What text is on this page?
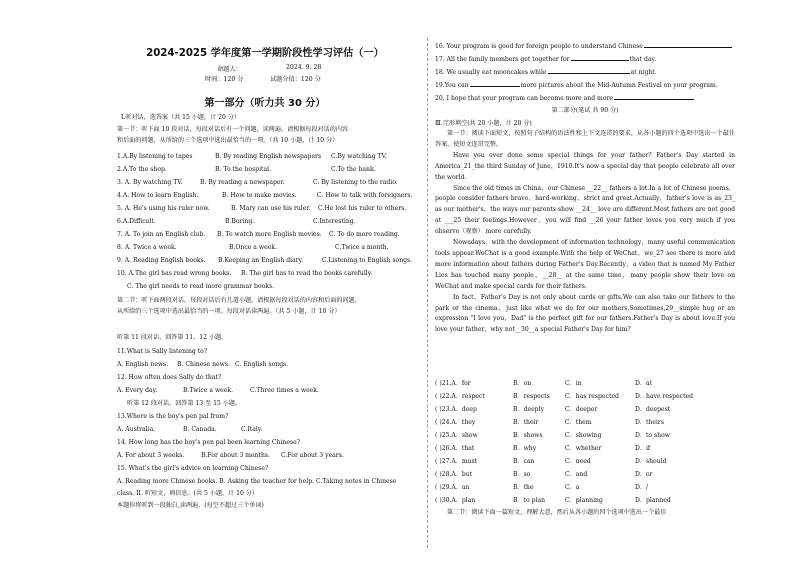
2024-2025 学年度第一学期阶段性学习评估（一）
命题人：	2024. 9. 28
时间：120 分	试题分值：120 分
第一部分（听力共 30 分）
Ⅰ.听对话，选答案（共 15 小题，计 20 分）
第一节：听下面 10 段对话，每段对话后有一个问题，读两遍。请根据每段对话的内容
和后面的问题，从所给的三个选项中选出最恰当的一项。（共 10 小题，计 10 分）
1.A.By listening to tapes	B. By reading English newspapers C.By watching TV.
2.A.To the shop.	B. To the hospital.	C.To the bank.
3. A. By watching TV.	B. By reading a newspaper.	C. By listening to the radio.
4.A. How to learn English.	B. How to make movies.	C. How to talk with foreigners.
5. A. He's using his ruler now.	B. Mary can use his ruler. C.He lost his ruler to others.
6.A.Difficult.	B.Boring.	C.Interesting.
7. A. To join an English club. B. To watch more English movies. C. To do more reading.
8. A. Twice a week.	B.Once a week.	C.Twice a month.
9. A. Reading English books. B.Keeping an English diary.	C.Listening to English songs.
10. A.The girl has read wrong books. B. The girl has to read the books carefully.
C. The girl needs to read more grammar books.
第二节：听下面两段对话，每段对话后有几道小题，请根据每段对话的内容和后面的问题，
从所给的三个选项中选出最恰当的一项。每段对话读两遍。（共 5 小题，计 10 分）
听第 11 段对话，回答第 11、12 小题。
11.What is Sally listening to?
A. English news. B. Chinese news. C. English songs.
12. How often does Sally do that?
A. Every day.	B.Twice a week.	C.Three times a week.
听第 12 段对话，回答第 13 至 15 小题。
13.Where is the boy's pen pal from?
A. Australia.	B. Canada.	C.Italy.
14. How long has the boy's pen pal been learning Chinese?
A. For about 3 weeks.	B.For about 3 months. C.For about 3 years.
15. What's the girl's advice on learning Chinese?
A. Reading more Chinese books. B. Asking the teacher for help. C.Taking notes in Chinese
class. II. 听短文，填信息。(共 5 小题，计 10 分）
本题你将听到一段独白,读两遍。(每空不超过三个单词)
16. Your program is good for foreign people to understand Chinese
17. All the family members get together for	that day.
18. We usually eat mooncakes while	at night.
19.You can	more pictures about the Mid-Autumn Festival on your program.
20. I hope that your program can become more and more
第二部分(笔试 共 90 分)
Ⅲ.完形填空(共 20 小题，计 20 分)

第一节：阅读下面短文，按照句子结构的语法性和上下文连贯的要求，从各小题的四个选项中选出一个最佳答案，使短文连贯完整。

Have you ever done some special things for your father? Father's Day started in America_21_the third Sunday of June，1910.It's now a special day that people celebrate all over the world.

Since the old times in China，our Chinese __22__ fathers a lot.In a lot of Chinese poems，people consider fathers brave，hard-working，strict and great.Actually，father's love is as_23_ as our mother's，the ways our parents show __24__ love are different.Most fathers are not good at ___25 their feelings.However，you will find __26 your father loves you very much if you observe（观察） more carefully.

Nowadays，with the development of information technology，many useful communication tools appear.WeChat is a good example.With the help of WeChat，we_27 see there is more and more information about fathers during Father's Day.Recently，a video that is named My Father Lies has touched many people，__28__ at the same time，many people show their love on WeChat and make special cards for their fathers.

In fact，Father's Day is not only about cards or gifts.We can also take our fathers to the park or the cinema，just like what we do for our mothers.Sometimes,29__simple hug or an expression "I love you，Dad" is the perfect gift for our fathers.Father's Day is about love.If you love your father，why not__30__a special Father's Day for him?

( )21.A．for	B．on	C．in	D．at
( )22.A．respect	B．respects	C．has respected	D．have respected
( )23.A．deep	B．deeply	C．deeper	D．deepest
( )24.A．they	B．their	C．them	D．theirs
( )25.A．show	B．shows	C．showing	D．to show
( )26.A．that	B．why	C．whether	D．if
( )27.A．must	B．can	C．need	D．should
( )28.A．but	B．so	C．and	D．or
( )29.A．an	B．the	C．a	D．/
( )30.A．plan	B．to plan	C．planning	D．planned
第二节：阅读下面一篇短文，理解大意，然后从各小题的四个选项中选出一个最佳
